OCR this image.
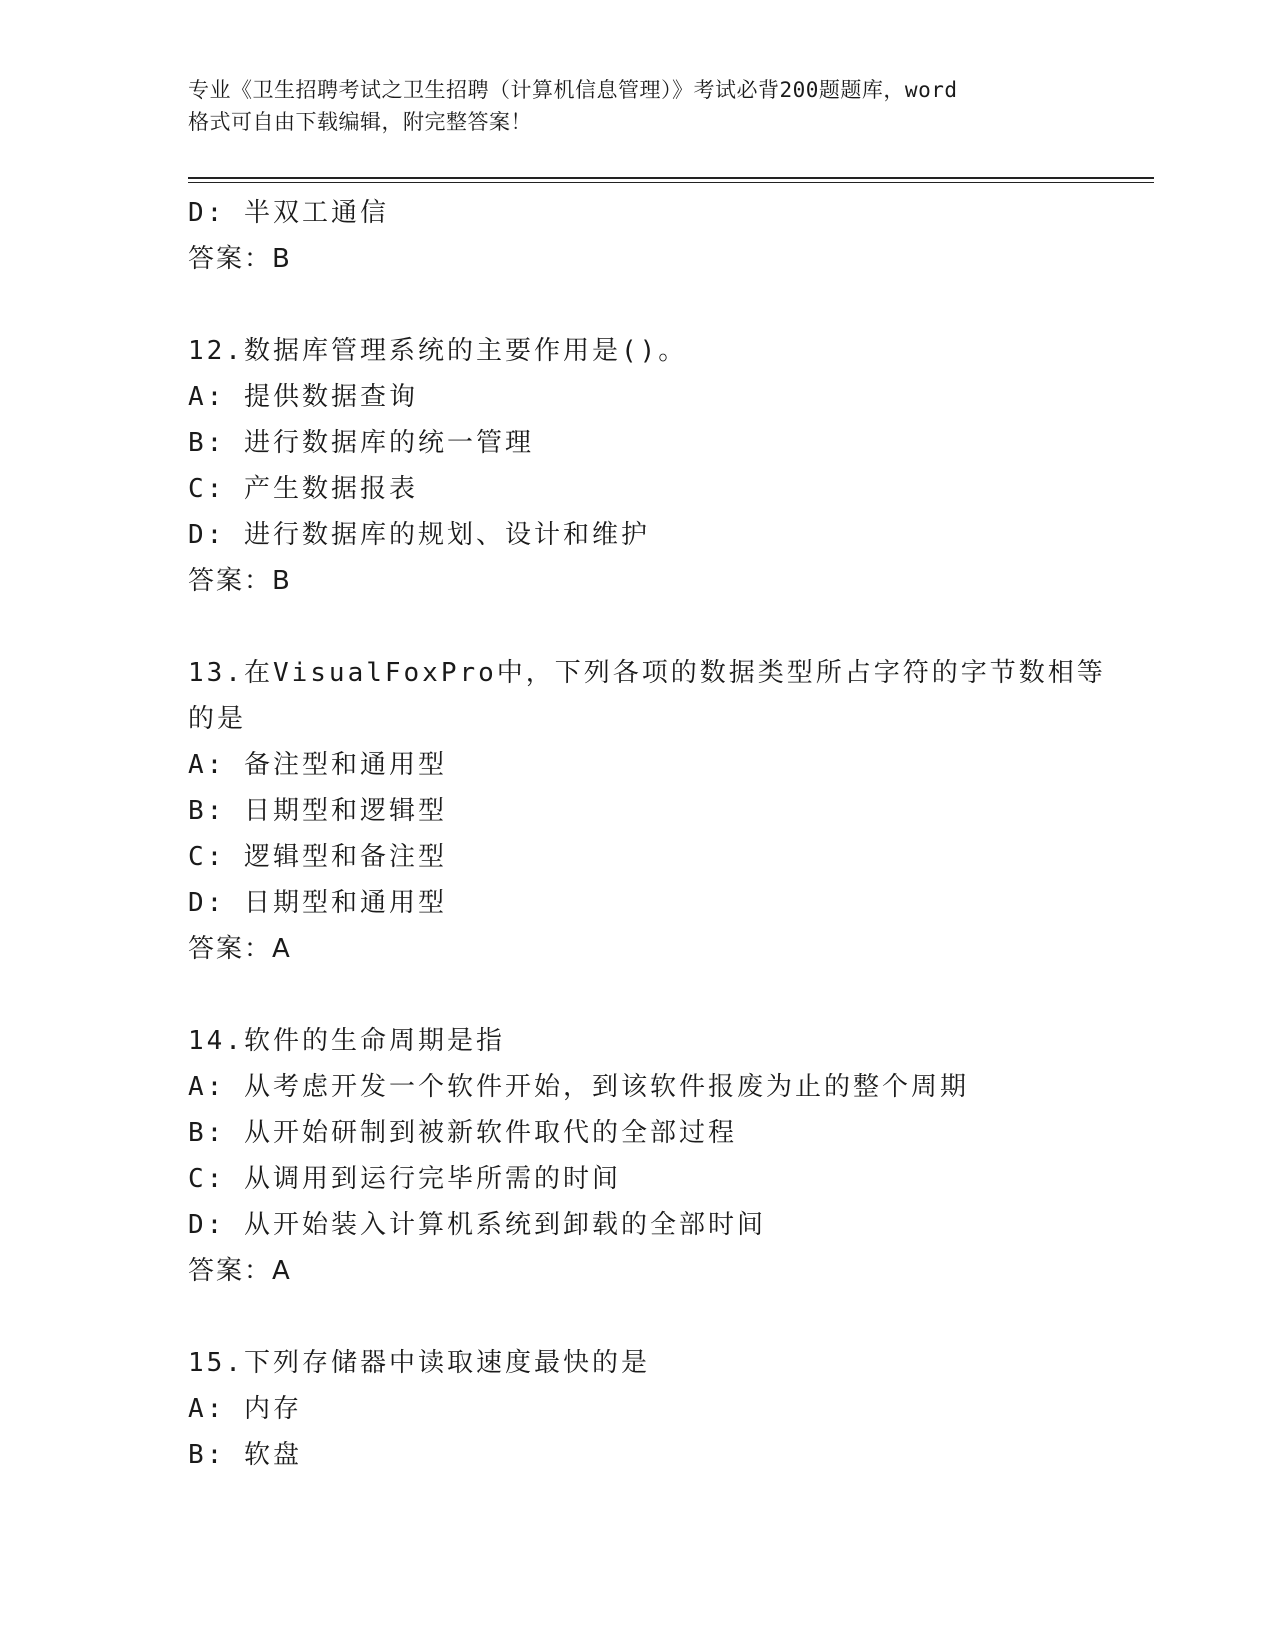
专业《卫生招聘考试之卫生招聘（计算机信息管理）》考试必背200题题库，word
格式可自由下载编辑，附完整答案！
D: 半双工通信
答案：B
12.数据库管理系统的主要作用是()。
A: 提供数据查询
B: 进行数据库的统一管理
C: 产生数据报表
D: 进行数据库的规划、设计和维护
答案：B
13.在VisualFoxPro中，下列各项的数据类型所占字符的字节数相等
的是
A: 备注型和通用型
B: 日期型和逻辑型
C: 逻辑型和备注型
D: 日期型和通用型
答案：A
14.软件的生命周期是指
A: 从考虑开发一个软件开始，到该软件报废为止的整个周期
B: 从开始研制到被新软件取代的全部过程
C: 从调用到运行完毕所需的时间
D: 从开始装入计算机系统到卸载的全部时间
答案：A
15.下列存储器中读取速度最快的是
A: 内存
B: 软盘
